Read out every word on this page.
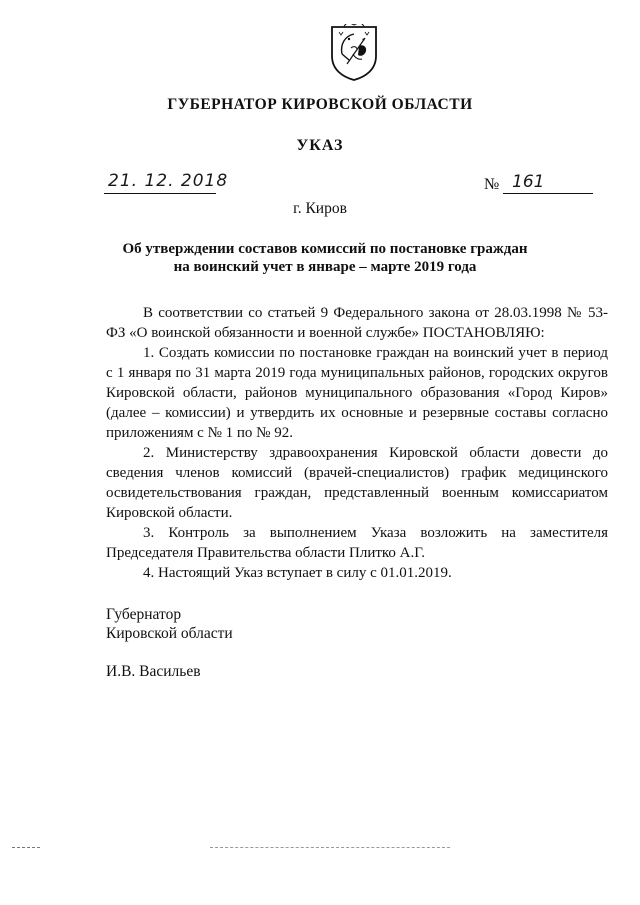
ГУБЕРНАТОР КИРОВСКОЙ ОБЛАСТИ
УКАЗ
21. 12. 2018	№ 161
г. Киров
Об утверждении составов комиссий по постановке граждан
на воинский учет в январе – марте 2019 года

В соответствии со статьей 9 Федерального закона от 28.03.1998 № 53-ФЗ «О воинской обязанности и военной службе» ПОСТАНОВЛЯЮ:

1. Создать комиссии по постановке граждан на воинский учет в период с 1 января по 31 марта 2019 года муниципальных районов, городских округов Кировской области, районов муниципального образования «Город Киров» (далее – комиссии) и утвердить их основные и резервные составы согласно приложениям с № 1 по № 92.

2. Министерству здравоохранения Кировской области довести до сведения членов комиссий (врачей-специалистов) график медицинского освидетельствования граждан, представленный военным комиссариатом Кировской области.

3. Контроль за выполнением Указа возложить на заместителя Председателя Правительства области Плитко А.Г.

4. Настоящий Указ вступает в силу с 01.01.2019.

Губернатор
Кировской области
И.В. Васильев
